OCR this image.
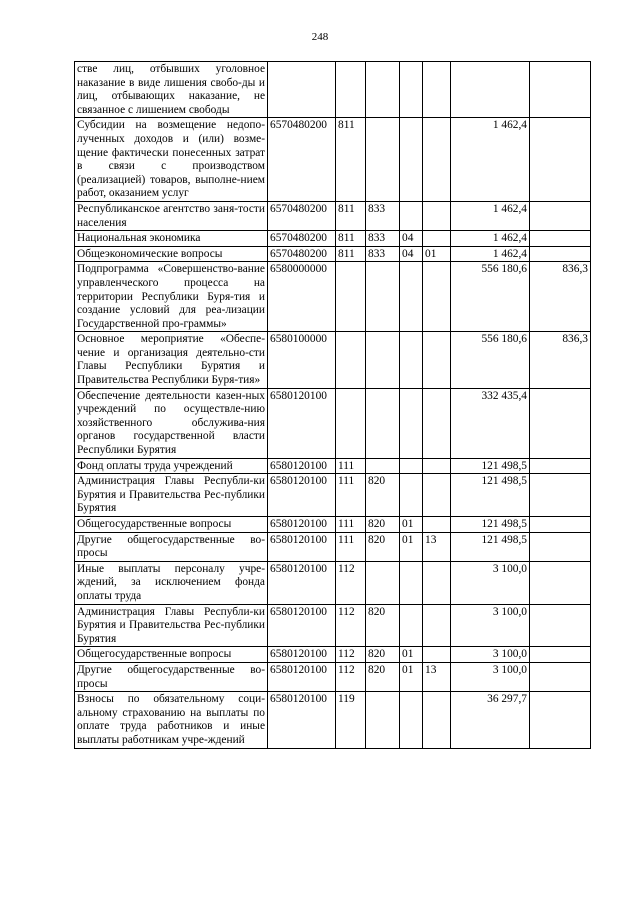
248
стве лиц, отбывших уголовное наказание в виде лишения свобо-ды и лиц, отбывающих наказание, не связанное с лишением свободы							
Субсидии на возмещение недопо-лученных доходов и (или) возме-щение фактически понесенных затрат в связи с производством (реализацией) товаров, выполне-нием работ, оказанием услуг	6570480200	811				1 462,4	
Республиканское агентство заня-тости населения	6570480200	811	833			1 462,4	
Национальная экономика	6570480200	811	833	04		1 462,4	
Общеэкономические вопросы	6570480200	811	833	04	01	1 462,4	
Подпрограмма «Совершенство-вание управленческого процесса на территории Республики Буря-тия и создание условий для реа-лизации Государственной про-граммы»	6580000000					556 180,6	836,3
Основное мероприятие «Обеспе-чение и организация деятельно-сти Главы Республики Бурятия и Правительства Республики Буря-тия»	6580100000					556 180,6	836,3
Обеспечение деятельности казен-ных учреждений по осуществле-нию хозяйственного обслужива-ния органов государственной власти Республики Бурятия	6580120100					332 435,4	
Фонд оплаты труда учреждений	6580120100	111				121 498,5	
Администрация Главы Республи-ки Бурятия и Правительства Рес-публики Бурятия	6580120100	111	820			121 498,5	
Общегосударственные вопросы	6580120100	111	820	01		121 498,5	
Другие общегосударственные во-просы	6580120100	111	820	01	13	121 498,5	
Иные выплаты персоналу учре-ждений, за исключением фонда оплаты труда	6580120100	112				3 100,0	
Администрация Главы Республи-ки Бурятия и Правительства Рес-публики Бурятия	6580120100	112	820			3 100,0	
Общегосударственные вопросы	6580120100	112	820	01		3 100,0	
Другие общегосударственные во-просы	6580120100	112	820	01	13	3 100,0	
Взносы по обязательному соци-альному страхованию на выплаты по оплате труда работников и иные выплаты работникам учре-ждений	6580120100	119				36 297,7	
